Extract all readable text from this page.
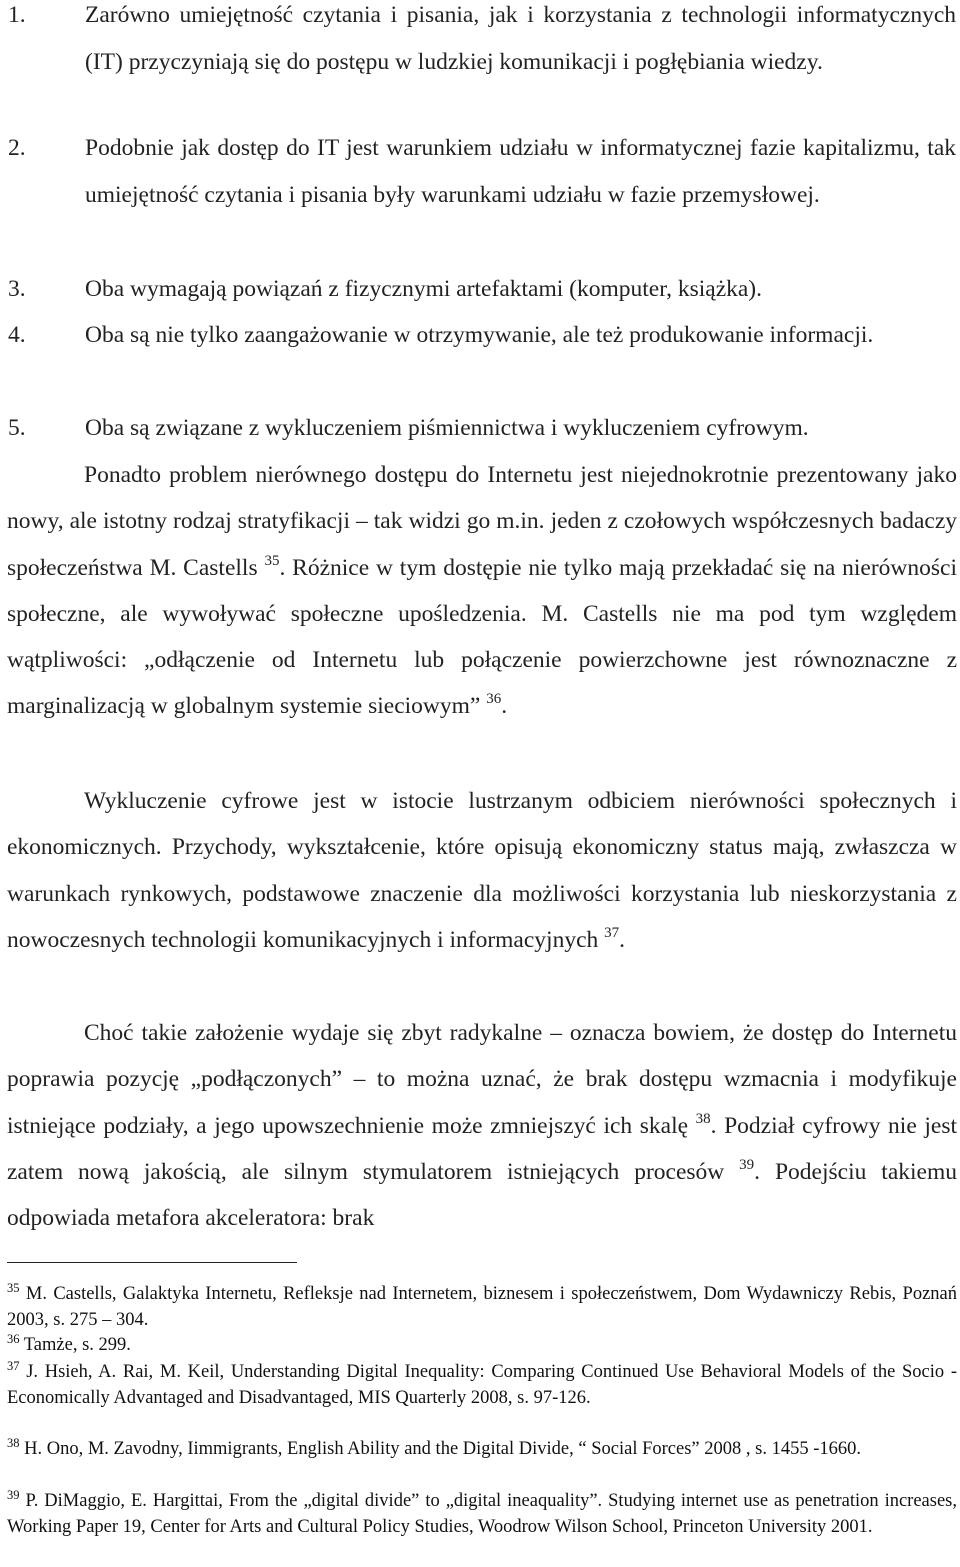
1.	Zarówno umiejętność czytania i pisania, jak i korzystania z technologii informatycznych (IT) przyczyniają się do postępu w ludzkiej komunikacji i pogłębiania wiedzy.
2.	Podobnie jak dostęp do IT jest warunkiem udziału w informatycznej fazie kapitalizmu, tak umiejętność czytania i pisania były warunkami udziału w fazie przemysłowej.
3.	Oba wymagają powiązań z fizycznymi artefaktami (komputer, książka).
4.	Oba są nie tylko zaangażowanie w otrzymywanie, ale też produkowanie informacji.
5.	Oba są związane z wykluczeniem piśmiennictwa i wykluczeniem cyfrowym.

Ponadto problem nierównego dostępu do Internetu jest niejednokrotnie prezentowany jako nowy, ale istotny rodzaj stratyfikacji – tak widzi go m.in. jeden z czołowych współczesnych badaczy społeczeństwa M. Castells $^{35}$. Różnice w tym dostępie nie tylko mają przekładać się na nierówności społeczne, ale wywoływać społeczne upośledzenia. M. Castells nie ma pod tym względem wątpliwości: „odłączenie od Internetu lub połączenie powierzchowne jest równoznaczne z marginalizacją w globalnym systemie sieciowym” $^{36}$.

Wykluczenie cyfrowe jest w istocie lustrzanym odbiciem nierówności społecznych i ekonomicznych. Przychody, wykształcenie, które opisują ekonomiczny status mają, zwłaszcza w warunkach rynkowych, podstawowe znaczenie dla możliwości korzystania lub nieskorzystania z nowoczesnych technologii komunikacyjnych i informacyjnych $^{37}$.

Choć takie założenie wydaje się zbyt radykalne – oznacza bowiem, że dostęp do Internetu poprawia pozycję „podłączonych” – to można uznać, że brak dostępu wzmacnia i modyfikuje istniejące podziały, a jego upowszechnienie może zmniejszyć ich skalę $^{38}$. Podział cyfrowy nie jest zatem nową jakością, ale silnym stymulatorem istniejących procesów $^{39}$. Podejściu takiemu odpowiada metafora akceleratora: brak

$^{35}$ M. Castells, Galaktyka Internetu, Refleksje nad Internetem, biznesem i społeczeństwem, Dom Wydawniczy Rebis, Poznań 2003, s. 275 – 304.
$^{36}$ Tamże, s. 299.
$^{37}$ J. Hsieh, A. Rai, M. Keil, Understanding Digital Inequality: Comparing Continued Use Behavioral Models of the Socio - Economically Advantaged and Disadvantaged, MIS Quarterly 2008, s. 97-126.
$^{38}$ H. Ono, M. Zavodny, Iimmigrants, English Ability and the Digital Divide, “ Social Forces” 2008 , s. 1455 -1660.
$^{39}$ P. DiMaggio, E. Hargittai, From the „digital divide” to „digital ineaquality”. Studying internet use as penetration increases, Working Paper 19, Center for Arts and Cultural Policy Studies, Woodrow Wilson School, Princeton University 2001.
